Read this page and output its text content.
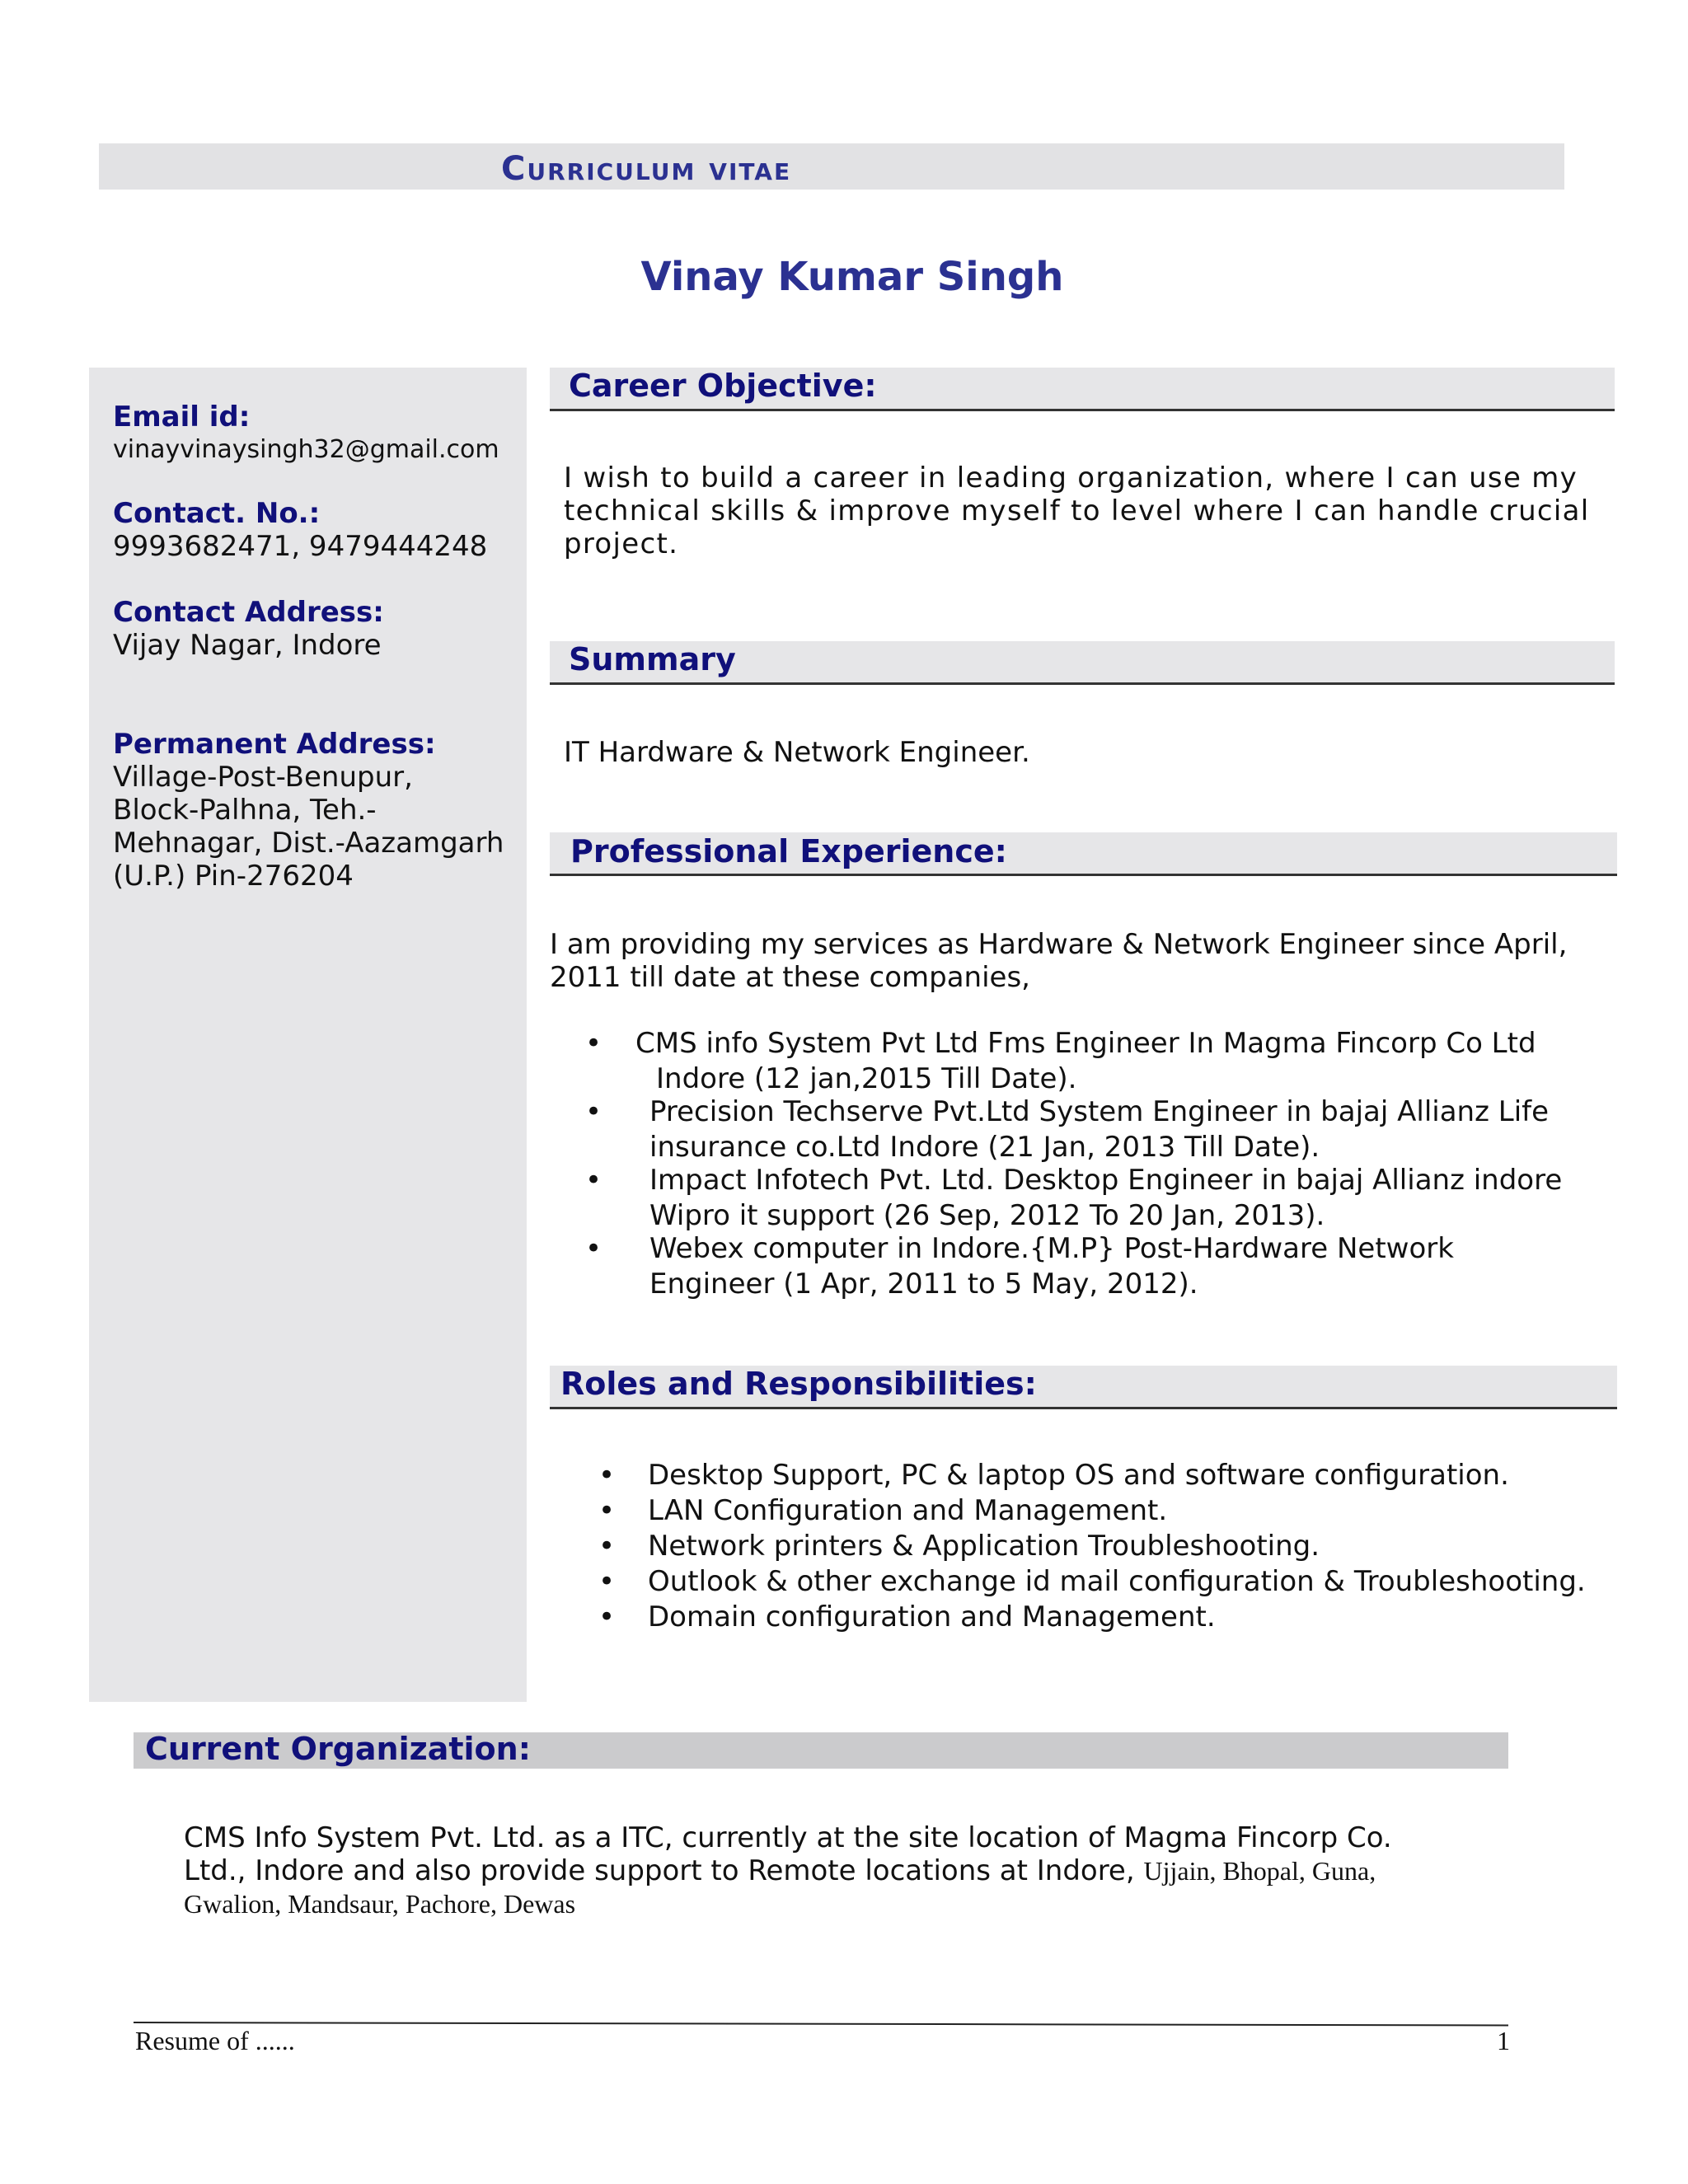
Curriculum vitae
Vinay Kumar Singh
Email id:
vinayvinaysingh32@gmail.com
Contact. No.:
9993682471, 9479444248
Contact Address:
Vijay Nagar, Indore
Permanent Address:
Village-Post-Benupur,
Block-Palhna, Teh.-
Mehnagar, Dist.-Aazamgarh
(U.P.) Pin-276204
Career Objective:
I wish to build a career in leading organization, where I can use my
technical skills & improve myself to level where I can handle crucial
project.
Summary
IT Hardware & Network Engineer.
Professional Experience:
I am providing my services as Hardware & Network Engineer since April,
2011 till date at these companies,
• CMS info System Pvt Ltd Fms Engineer In Magma Fincorp Co Ltd
Indore (12 jan,2015 Till Date).
• Precision Techserve Pvt.Ltd System Engineer in bajaj Allianz Life
insurance co.Ltd Indore (21 Jan, 2013 Till Date).
• Impact Infotech Pvt. Ltd. Desktop Engineer in bajaj Allianz indore
Wipro it support (26 Sep, 2012 To 20 Jan, 2013).
• Webex computer in Indore.{M.P} Post-Hardware Network
Engineer (1 Apr, 2011 to 5 May, 2012).
Roles and Responsibilities:
• Desktop Support, PC & laptop OS and software configuration.
• LAN Configuration and Management.
• Network printers & Application Troubleshooting.
• Outlook & other exchange id mail configuration & Troubleshooting.
• Domain configuration and Management.
Current Organization:
CMS Info System Pvt. Ltd. as a ITC, currently at the site location of Magma Fincorp Co.
Ltd., Indore and also provide support to Remote locations at Indore, Ujjain, Bhopal, Guna,
Gwalion, Mandsaur, Pachore, Dewas
Resume of ......	1
